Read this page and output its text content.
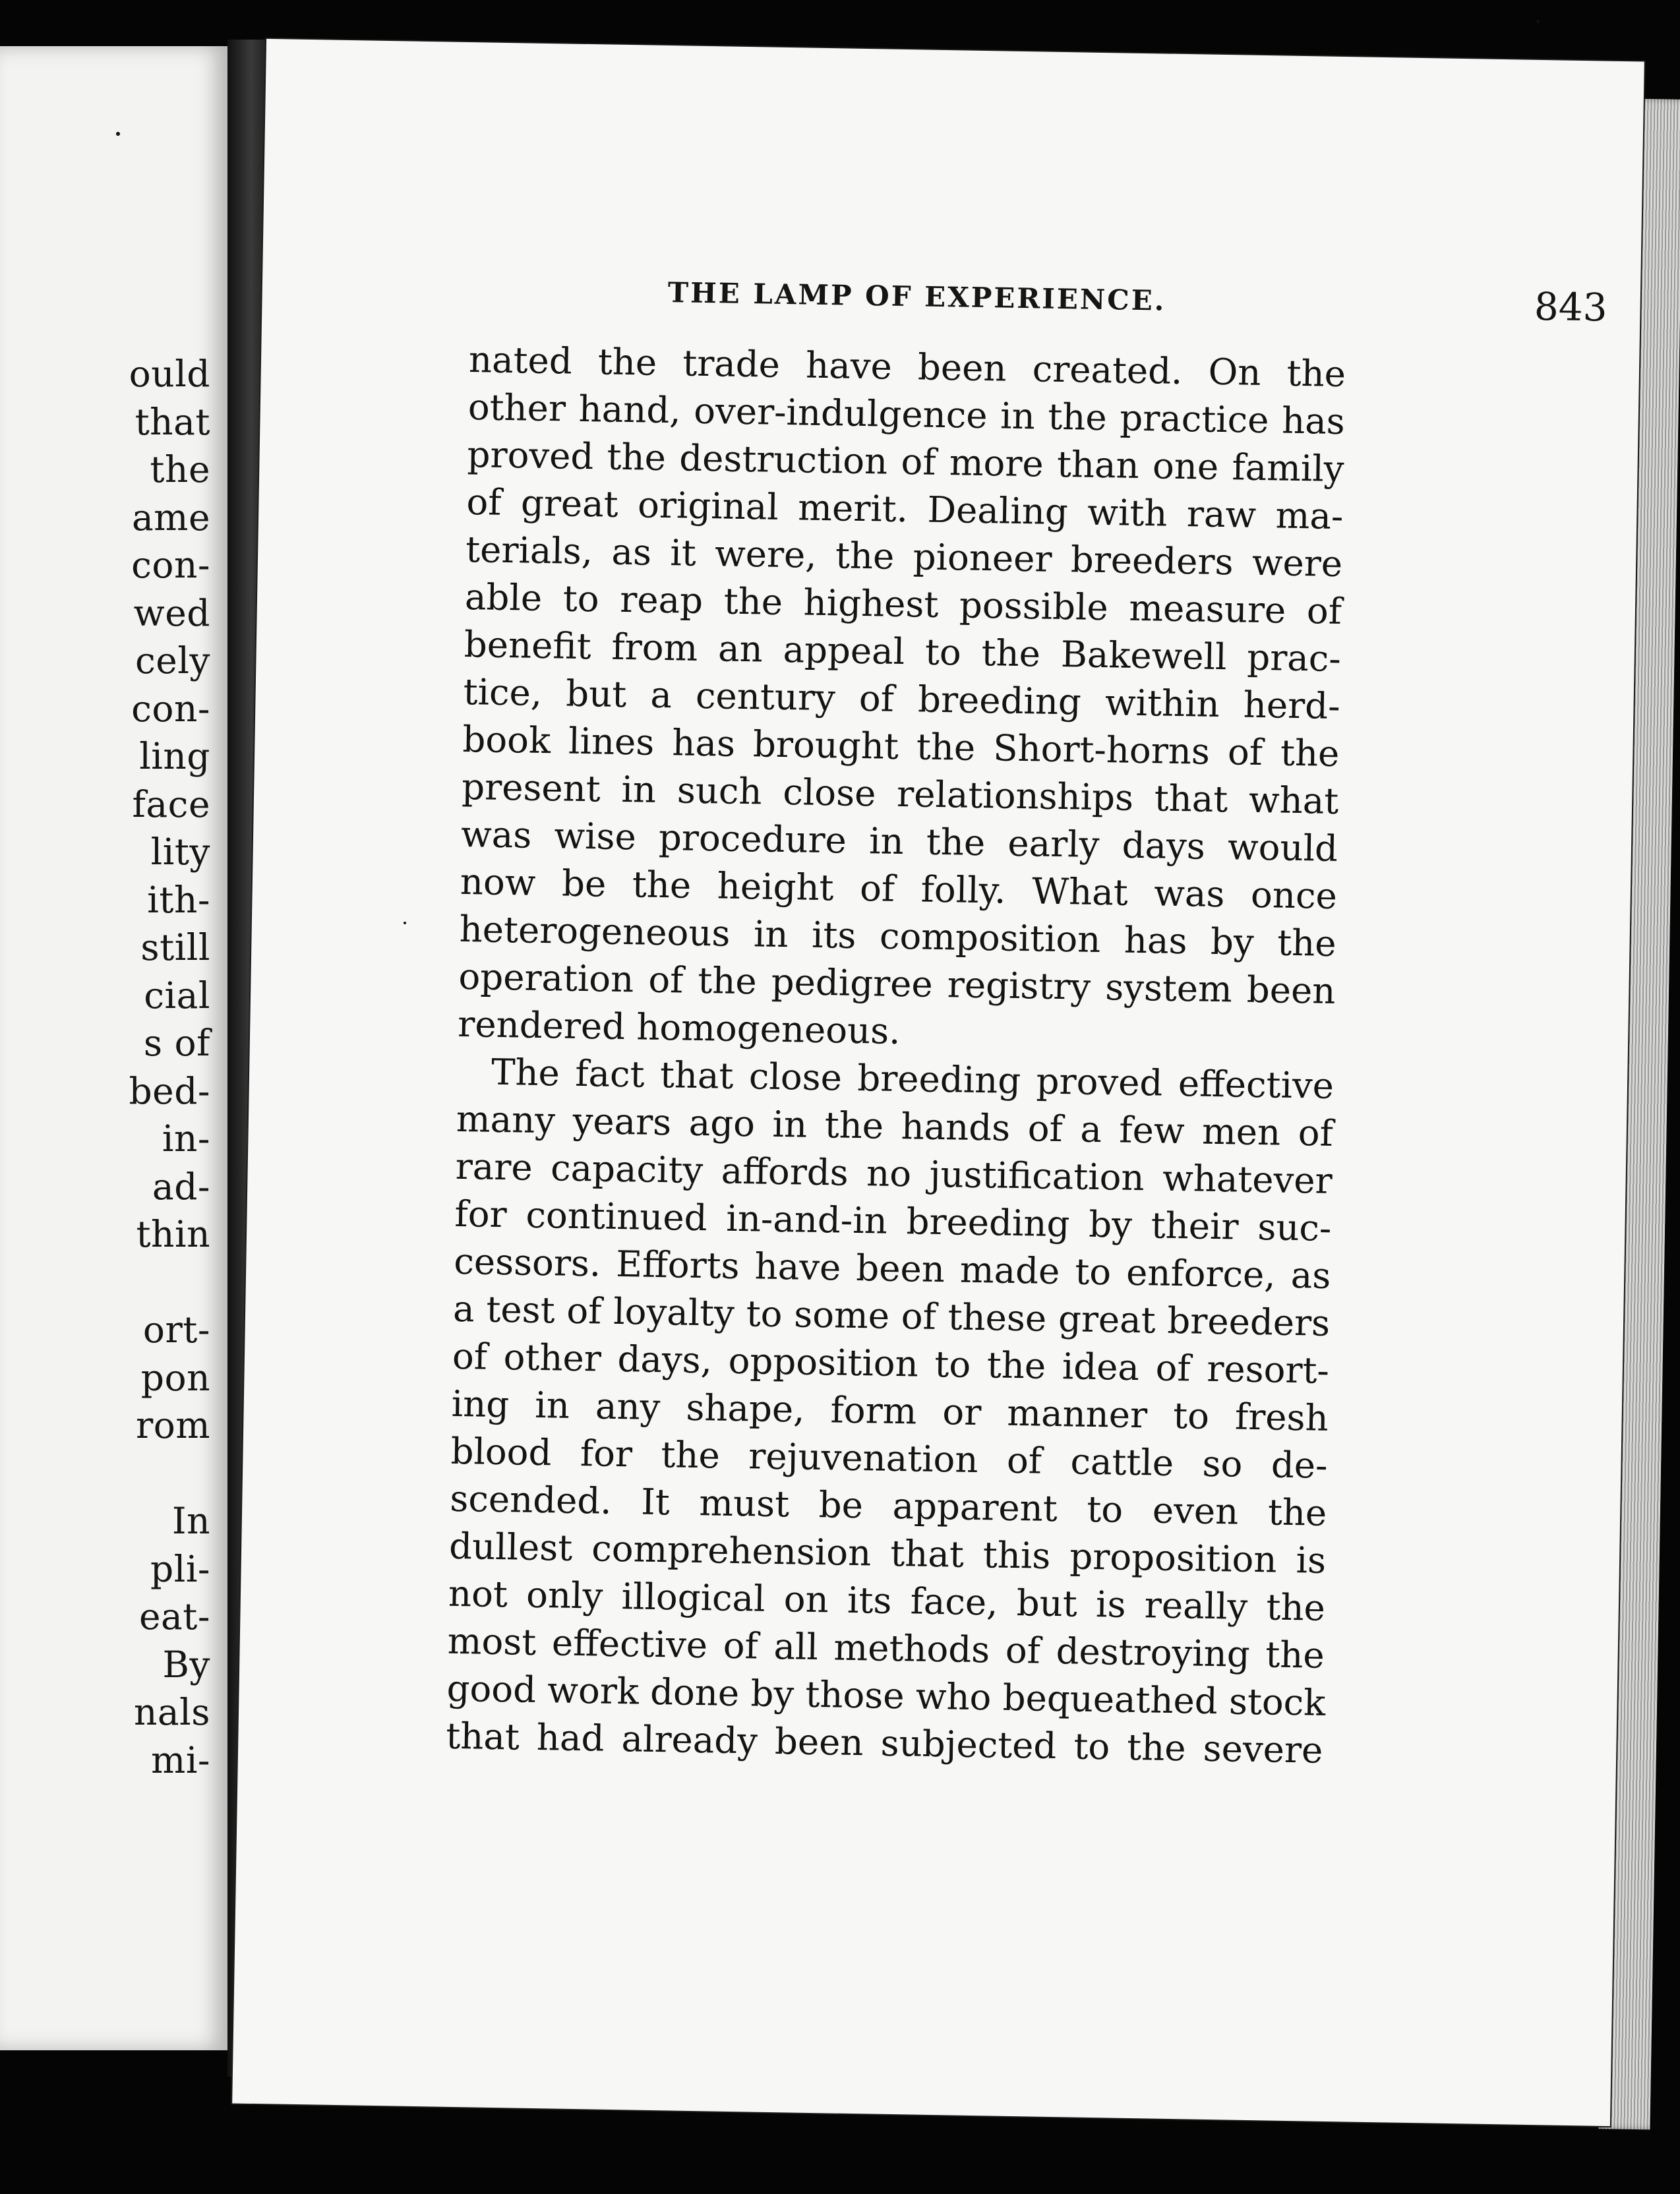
ould
that
the
ame
con-
wed
cely
con-
ling
face
lity
ith-
still
cial
s of
bed-
in-
ad-
thin
ort-
pon
rom
In
pli-
eat-
By
nals
mi-
THE LAMP OF EXPERIENCE.	843
nated the trade have been created. On the
other hand, over-indulgence in the practice has
proved the destruction of more than one family
of great original merit. Dealing with raw ma-
terials, as it were, the pioneer breeders were
able to reap the highest possible measure of
benefit from an appeal to the Bakewell prac-
tice, but a century of breeding within herd-
book lines has brought the Short-horns of the
present in such close relationships that what
was wise procedure in the early days would
now be the height of folly. What was once
heterogeneous in its composition has by the
operation of the pedigree registry system been
rendered homogeneous.
The fact that close breeding proved effective
many years ago in the hands of a few men of
rare capacity affords no justification whatever
for continued in-and-in breeding by their suc-
cessors. Efforts have been made to enforce, as
a test of loyalty to some of these great breeders
of other days, opposition to the idea of resort-
ing in any shape, form or manner to fresh
blood for the rejuvenation of cattle so de-
scended. It must be apparent to even the
dullest comprehension that this proposition is
not only illogical on its face, but is really the
most effective of all methods of destroying the
good work done by those who bequeathed stock
that had already been subjected to the severe
